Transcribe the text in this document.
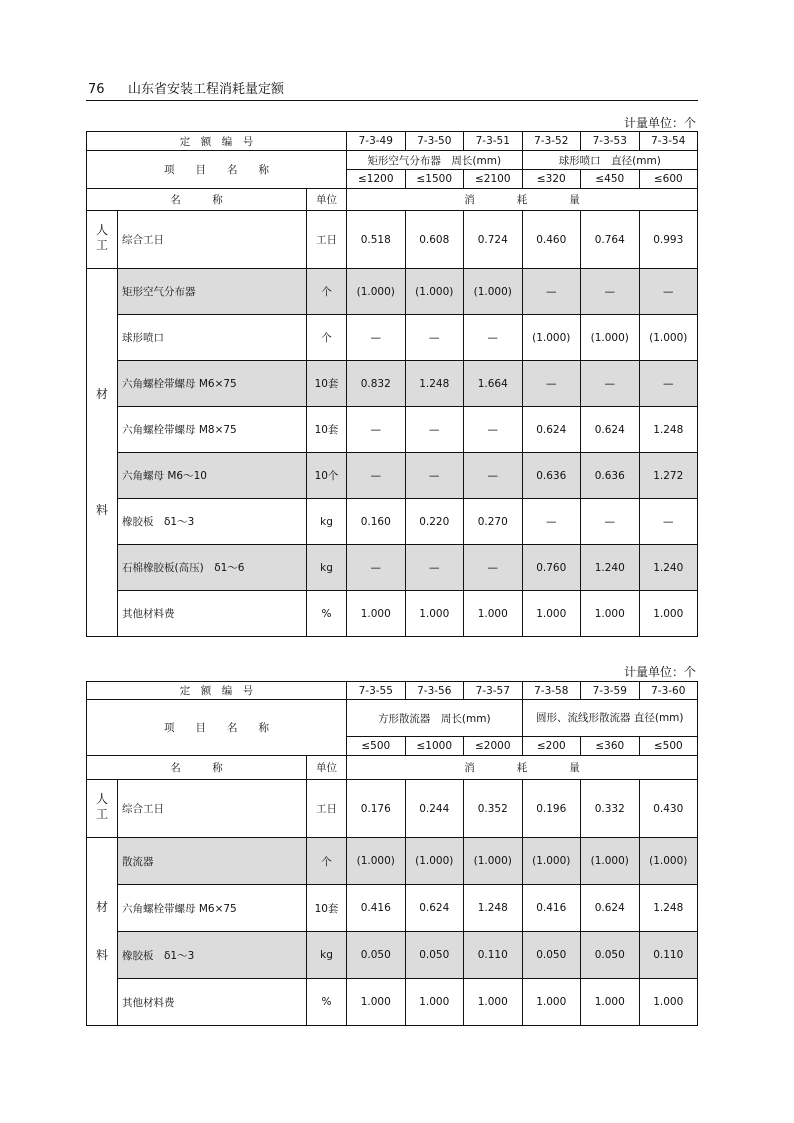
76 山东省安装工程消耗量定额
计量单位：个
定　额　编　号			7-3-49	7-3-50	7-3-51	7-3-52	7-3-53	7-3-54
项　　目　　名　　称			矩形空气分布器　周长(mm)			球形喷口　直径(mm)		
			≤1200	≤1500	≤2100	≤320	≤450	≤600
名　　　称		单位	消　　　　耗　　　　量					
人工	综合工日	工日	0.518	0.608	0.724	0.460	0.764	0.993

材
料	矩形空气分布器	个	(1.000)	(1.000)	(1.000)	—	—	—
	球形喷口	个	—	—	—	(1.000)	(1.000)	(1.000)
	六角螺栓带螺母 M6×75	10套	0.832	1.248	1.664	—	—	—
	六角螺栓带螺母 M8×75	10套	—	—	—	0.624	0.624	1.248
	六角螺母 M6～10	10个	—	—	—	0.636	0.636	1.272
	橡胶板　δ1～3	kg	0.160	0.220	0.270	—	—	—
	石棉橡胶板(高压)　δ1～6	kg	—	—	—	0.760	1.240	1.240
	其他材料费	%	1.000	1.000	1.000	1.000	1.000	1.000
计量单位：个
定　额　编　号			7-3-55	7-3-56	7-3-57	7-3-58	7-3-59	7-3-60
项　　目　　名　　称			方形散流器　周长(mm)			圆形、流线形散流器 直径(mm)		
			≤500	≤1000	≤2000	≤200	≤360	≤500
名　　　称		单位	消　　　　耗　　　　量					
人工	综合工日	工日	0.176	0.244	0.352	0.196	0.332	0.430

材
料	散流器	个	(1.000)	(1.000)	(1.000)	(1.000)	(1.000)	(1.000)
	六角螺栓带螺母 M6×75	10套	0.416	0.624	1.248	0.416	0.624	1.248
	橡胶板　δ1～3	kg	0.050	0.050	0.110	0.050	0.050	0.110
	其他材料费	%	1.000	1.000	1.000	1.000	1.000	1.000
